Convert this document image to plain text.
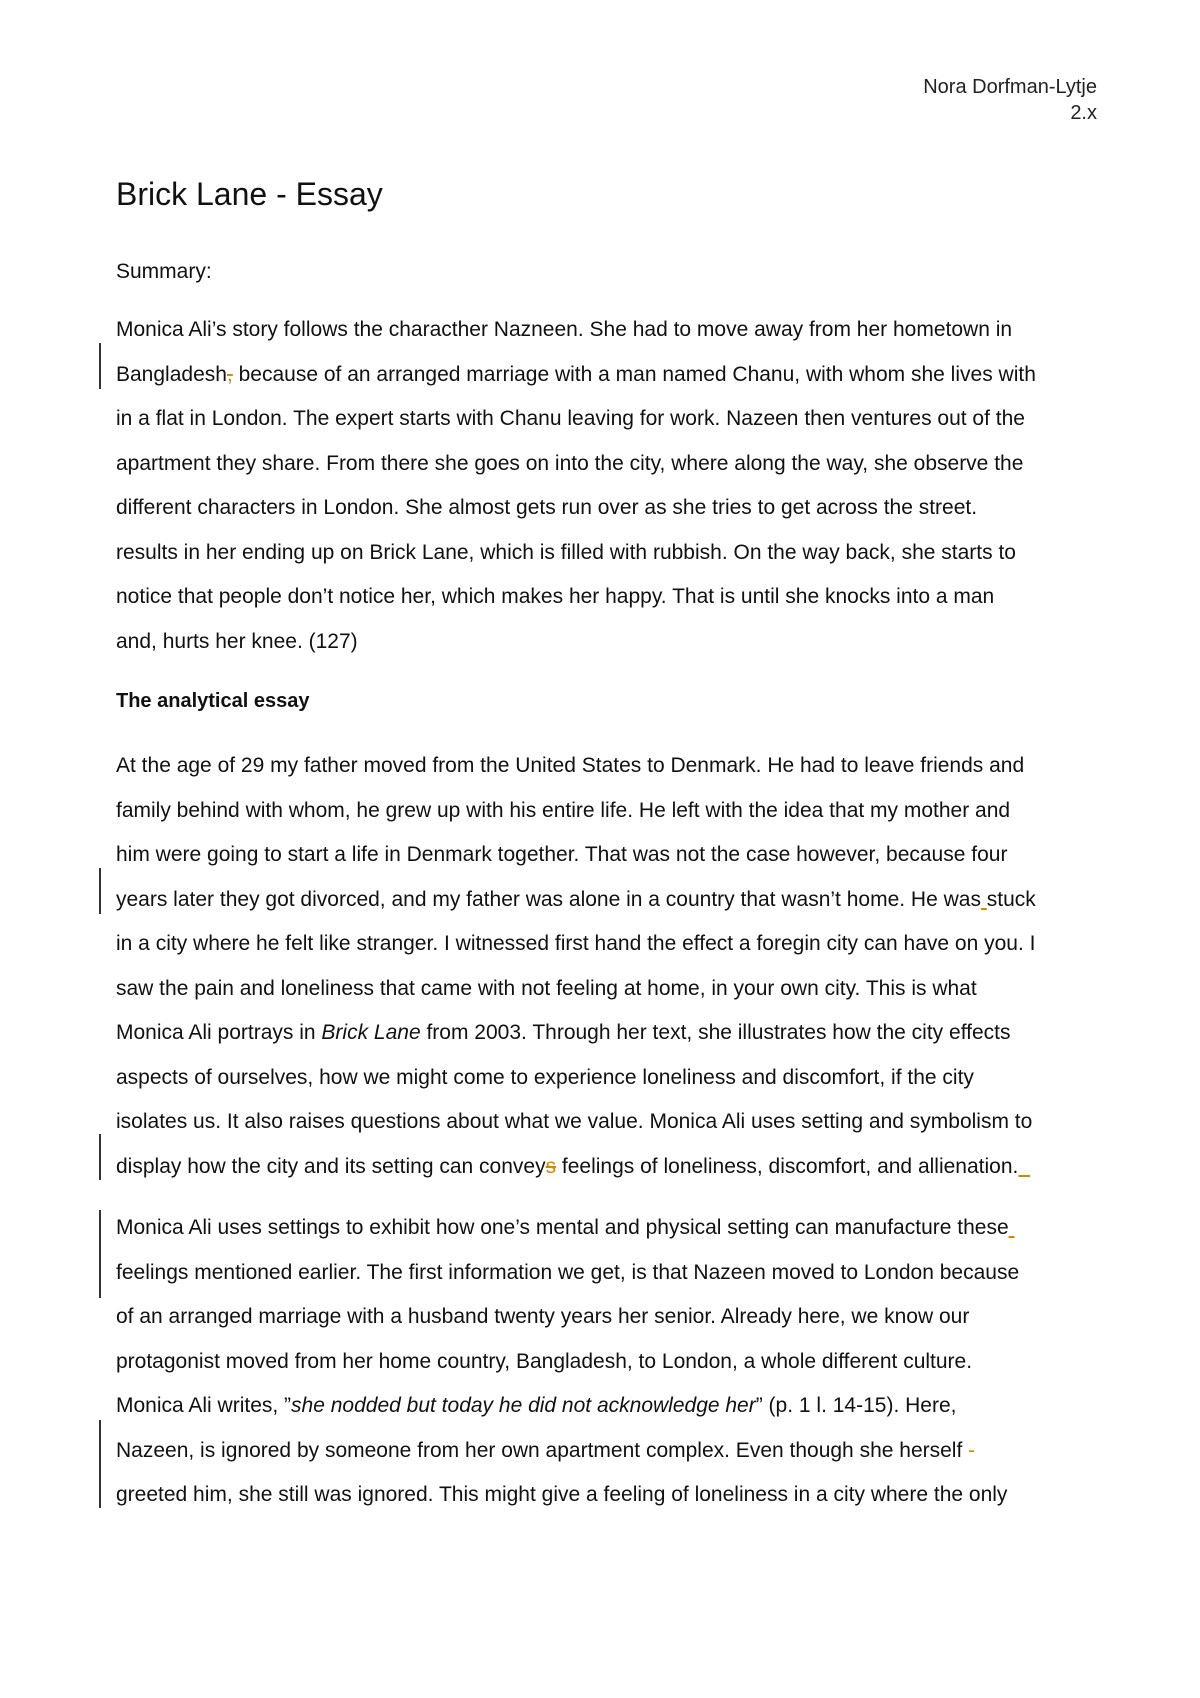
Nora Dorfman-Lytje
2.x
Brick Lane - Essay
Summary:
Monica Ali’s story follows the characther Nazneen. She had to move away from her hometown in
Bangladesh, because of an arranged marriage with a man named Chanu, with whom she lives with
in a flat in London. The expert starts with Chanu leaving for work. Nazeen then ventures out of the
apartment they share. From there she goes on into the city, where along the way, she observe the
different characters in London. She almost gets run over as she tries to get across the street.
results in her ending up on Brick Lane, which is filled with rubbish. On the way back, she starts to
notice that people don’t notice her, which makes her happy. That is until she knocks into a man
and, hurts her knee. (127)
The analytical essay
At the age of 29 my father moved from the United States to Denmark. He had to leave friends and
family behind with whom, he grew up with his entire life. He left with the idea that my mother and
him were going to start a life in Denmark together. That was not the case however, because four
years later they got divorced, and my father was alone in a country that wasn’t home. He was stuck
in a city where he felt like stranger. I witnessed first hand the effect a foregin city can have on you. I
saw the pain and loneliness that came with not feeling at home, in your own city. This is what
Monica Ali portrays in Brick Lane from 2003. Through her text, she illustrates how the city effects
aspects of ourselves, how we might come to experience loneliness and discomfort, if the city
isolates us. It also raises questions about what we value. Monica Ali uses setting and symbolism to
display how the city and its setting can conveys feelings of loneliness, discomfort, and allienation.
Monica Ali uses settings to exhibit how one’s mental and physical setting can manufacture these
feelings mentioned earlier. The first information we get, is that Nazeen moved to London because
of an arranged marriage with a husband twenty years her senior. Already here, we know our
protagonist moved from her home country, Bangladesh, to London, a whole different culture.
Monica Ali writes, ”she nodded but today he did not acknowledge her” (p. 1 l. 14-15). Here,
Nazeen, is ignored by someone from her own apartment complex. Even though she herself -
greeted him, she still was ignored. This might give a feeling of loneliness in a city where the only
